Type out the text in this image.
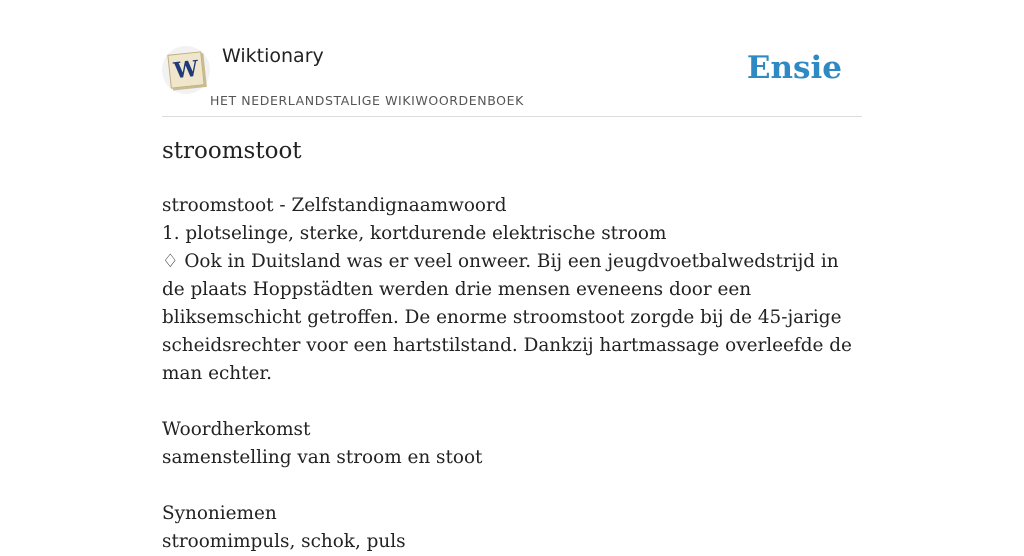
W Wiktionary
HET NEDERLANDSTALIGE WIKIWOORDENBOEK
Ensie
stroomstoot

stroomstoot - Zelfstandignaamwoord

1. plotselinge, sterke, kortdurende elektrische stroom

♢ Ook in Duitsland was er veel onweer. Bij een jeugdvoetbalwedstrijd in de plaats Hoppstädten werden drie mensen eveneens door een bliksemschicht getroffen. De enorme stroomstoot zorgde bij de 45-jarige scheidsrechter voor een hartstilstand. Dankzij hartmassage overleefde de man echter.

Woordherkomst

samenstelling van stroom en stoot

Synoniemen

stroomimpuls, schok, puls
